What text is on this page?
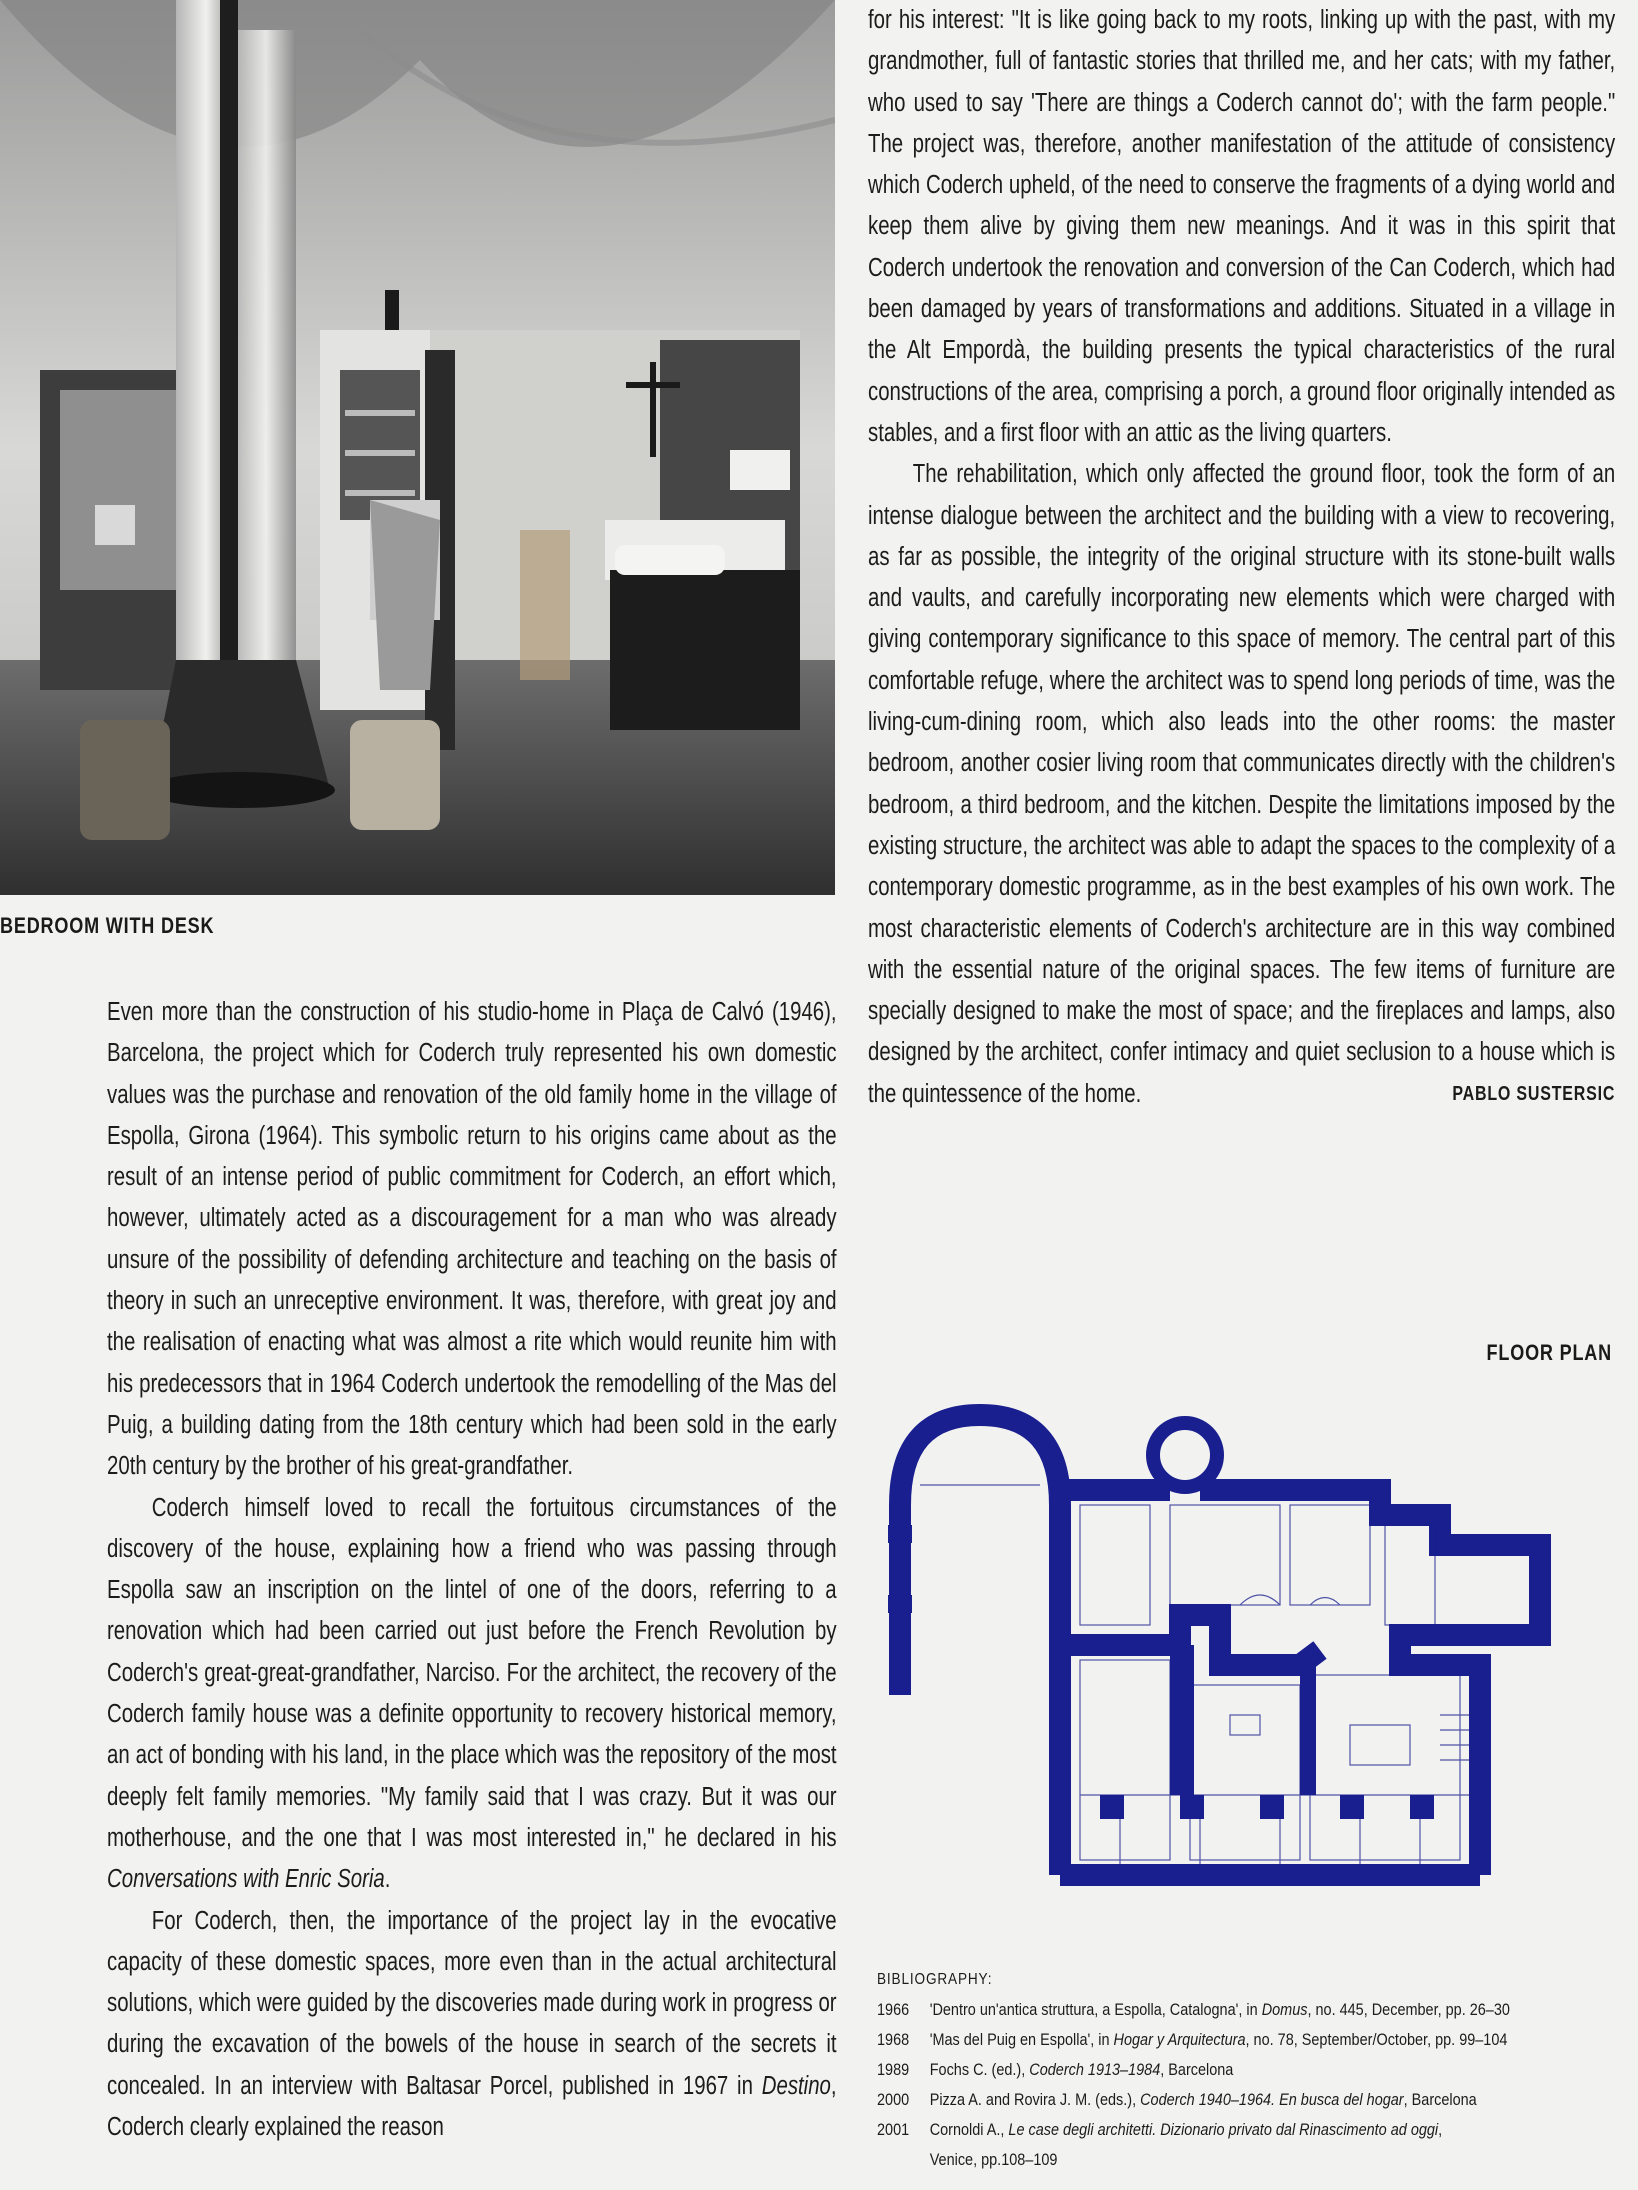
BEDROOM WITH DESK

Even more than the construction of his studio-home in Plaça de Calvó (1946), Barcelona, the project which for Coderch truly represented his own domestic values was the purchase and renovation of the old family home in the village of Espolla, Girona (1964). This symbolic return to his origins came about as the result of an intense period of public commitment for Coderch, an effort which, however, ultimately acted as a discouragement for a man who was already unsure of the possibility of defending architecture and teaching on the basis of theory in such an unreceptive environment. It was, therefore, with great joy and the realisation of enacting what was almost a rite which would reunite him with his predecessors that in 1964 Coderch undertook the remodelling of the Mas del Puig, a building dating from the 18th century which had been sold in the early 20th century by the brother of his great-grandfather.

Coderch himself loved to recall the fortuitous circumstances of the discovery of the house, explaining how a friend who was passing through Espolla saw an inscription on the lintel of one of the doors, referring to a renovation which had been carried out just before the French Revolution by Coderch's great-great-grandfather, Narciso. For the architect, the recovery of the Coderch family house was a definite opportunity to recovery historical memory, an act of bonding with his land, in the place which was the repository of the most deeply felt family memories. "My family said that I was crazy. But it was our motherhouse, and the one that I was most interested in," he declared in his Conversations with Enric Soria.

For Coderch, then, the importance of the project lay in the evocative capacity of these domestic spaces, more even than in the actual architectural solutions, which were guided by the discoveries made during work in progress or during the excavation of the bowels of the house in search of the secrets it concealed. In an interview with Baltasar Porcel, published in 1967 in Destino, Coderch clearly explained the reason

for his interest: "It is like going back to my roots, linking up with the past, with my grandmother, full of fantastic stories that thrilled me, and her cats; with my father, who used to say 'There are things a Coderch cannot do'; with the farm people." The project was, therefore, another manifestation of the attitude of consistency which Coderch upheld, of the need to conserve the fragments of a dying world and keep them alive by giving them new meanings. And it was in this spirit that Coderch undertook the renovation and conversion of the Can Coderch, which had been damaged by years of transformations and additions. Situated in a village in the Alt Empordà, the building presents the typical characteristics of the rural constructions of the area, comprising a porch, a ground floor originally intended as stables, and a first floor with an attic as the living quarters.

The rehabilitation, which only affected the ground floor, took the form of an intense dialogue between the architect and the building with a view to recovering, as far as possible, the integrity of the original structure with its stone-built walls and vaults, and carefully incorporating new elements which were charged with giving contemporary significance to this space of memory. The central part of this comfortable refuge, where the architect was to spend long periods of time, was the living-cum-dining room, which also leads into the other rooms: the master bedroom, another cosier living room that communicates directly with the children's bedroom, a third bedroom, and the kitchen. Despite the limitations imposed by the existing structure, the architect was able to adapt the spaces to the complexity of a contemporary domestic programme, as in the best examples of his own work. The most characteristic elements of Coderch's architecture are in this way combined with the essential nature of the original spaces. The few items of furniture are specially designed to make the most of space; and the fireplaces and lamps, also designed by the architect, confer intimacy and quiet seclusion to a house which is the quintessence of the home.	PABLO SUSTERSIC

FLOOR PLAN
BIBLIOGRAPHY:
1966	'Dentro un'antica struttura, a Espolla, Catalogna', in Domus, no. 445, December, pp. 26–30
1968	'Mas del Puig en Espolla', in Hogar y Arquitectura, no. 78, September/October, pp. 99–104
1989	Fochs C. (ed.), Coderch 1913–1984, Barcelona
2000	Pizza A. and Rovira J. M. (eds.), Coderch 1940–1964. En busca del hogar, Barcelona
2001	Cornoldi A., Le case degli architetti. Dizionario privato dal Rinascimento ad oggi,
Venice, pp.108–109
